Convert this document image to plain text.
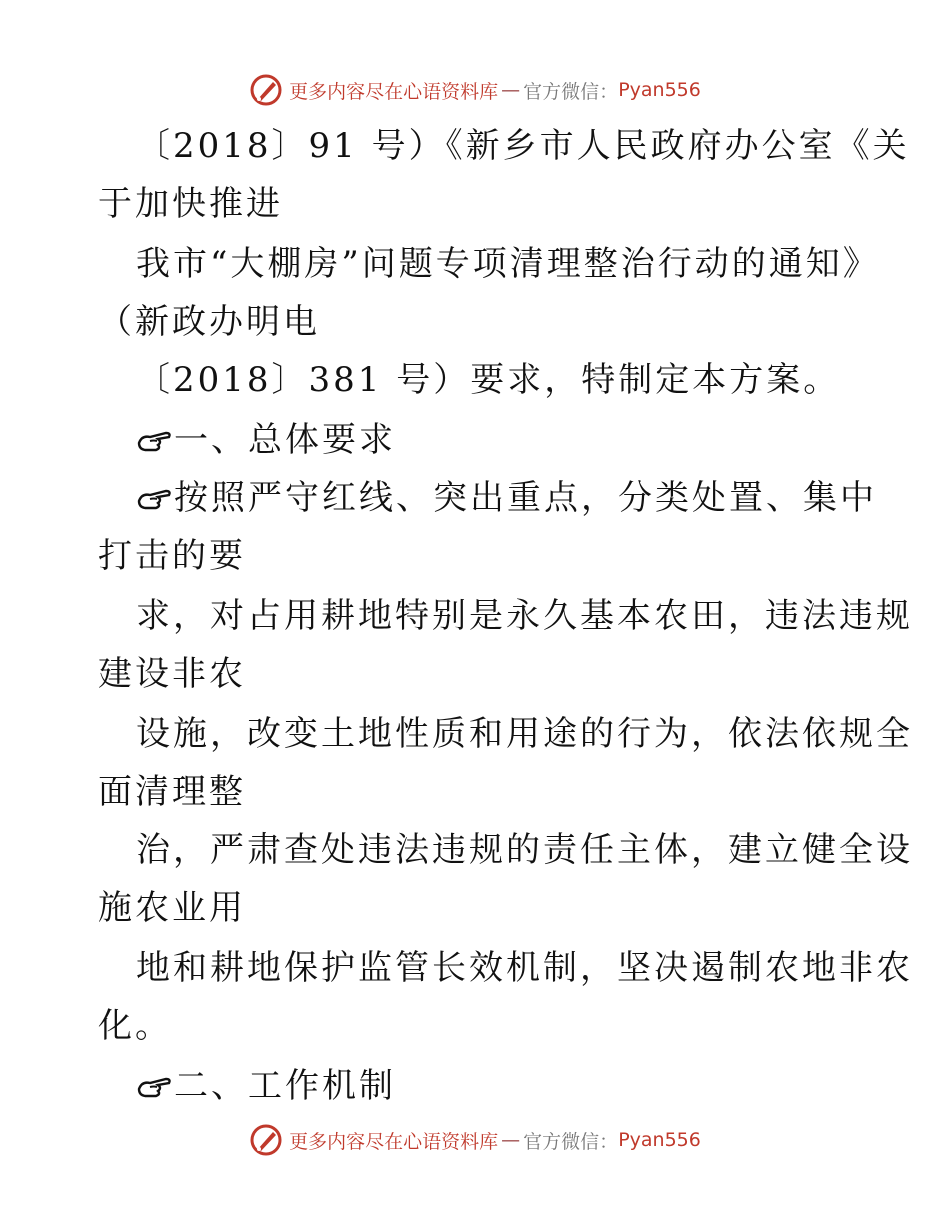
更多内容尽在心语资料库 — 官方微信： Pyan556
〔2018〕91 号）《新乡市人民政府办公室《关
于加快推进
我市“大棚房”问题专项清理整治行动的通知》
（新政办明电
〔2018〕381 号）要求，特制定本方案。
一、总体要求
按照严守红线、突出重点，分类处置、集中
打击的要
求，对占用耕地特别是永久基本农田，违法违规
建设非农
设施，改变土地性质和用途的行为，依法依规全
面清理整
治，严肃查处违法违规的责任主体，建立健全设
施农业用
地和耕地保护监管长效机制，坚决遏制农地非农
化。
二、工作机制
更多内容尽在心语资料库 — 官方微信： Pyan556
